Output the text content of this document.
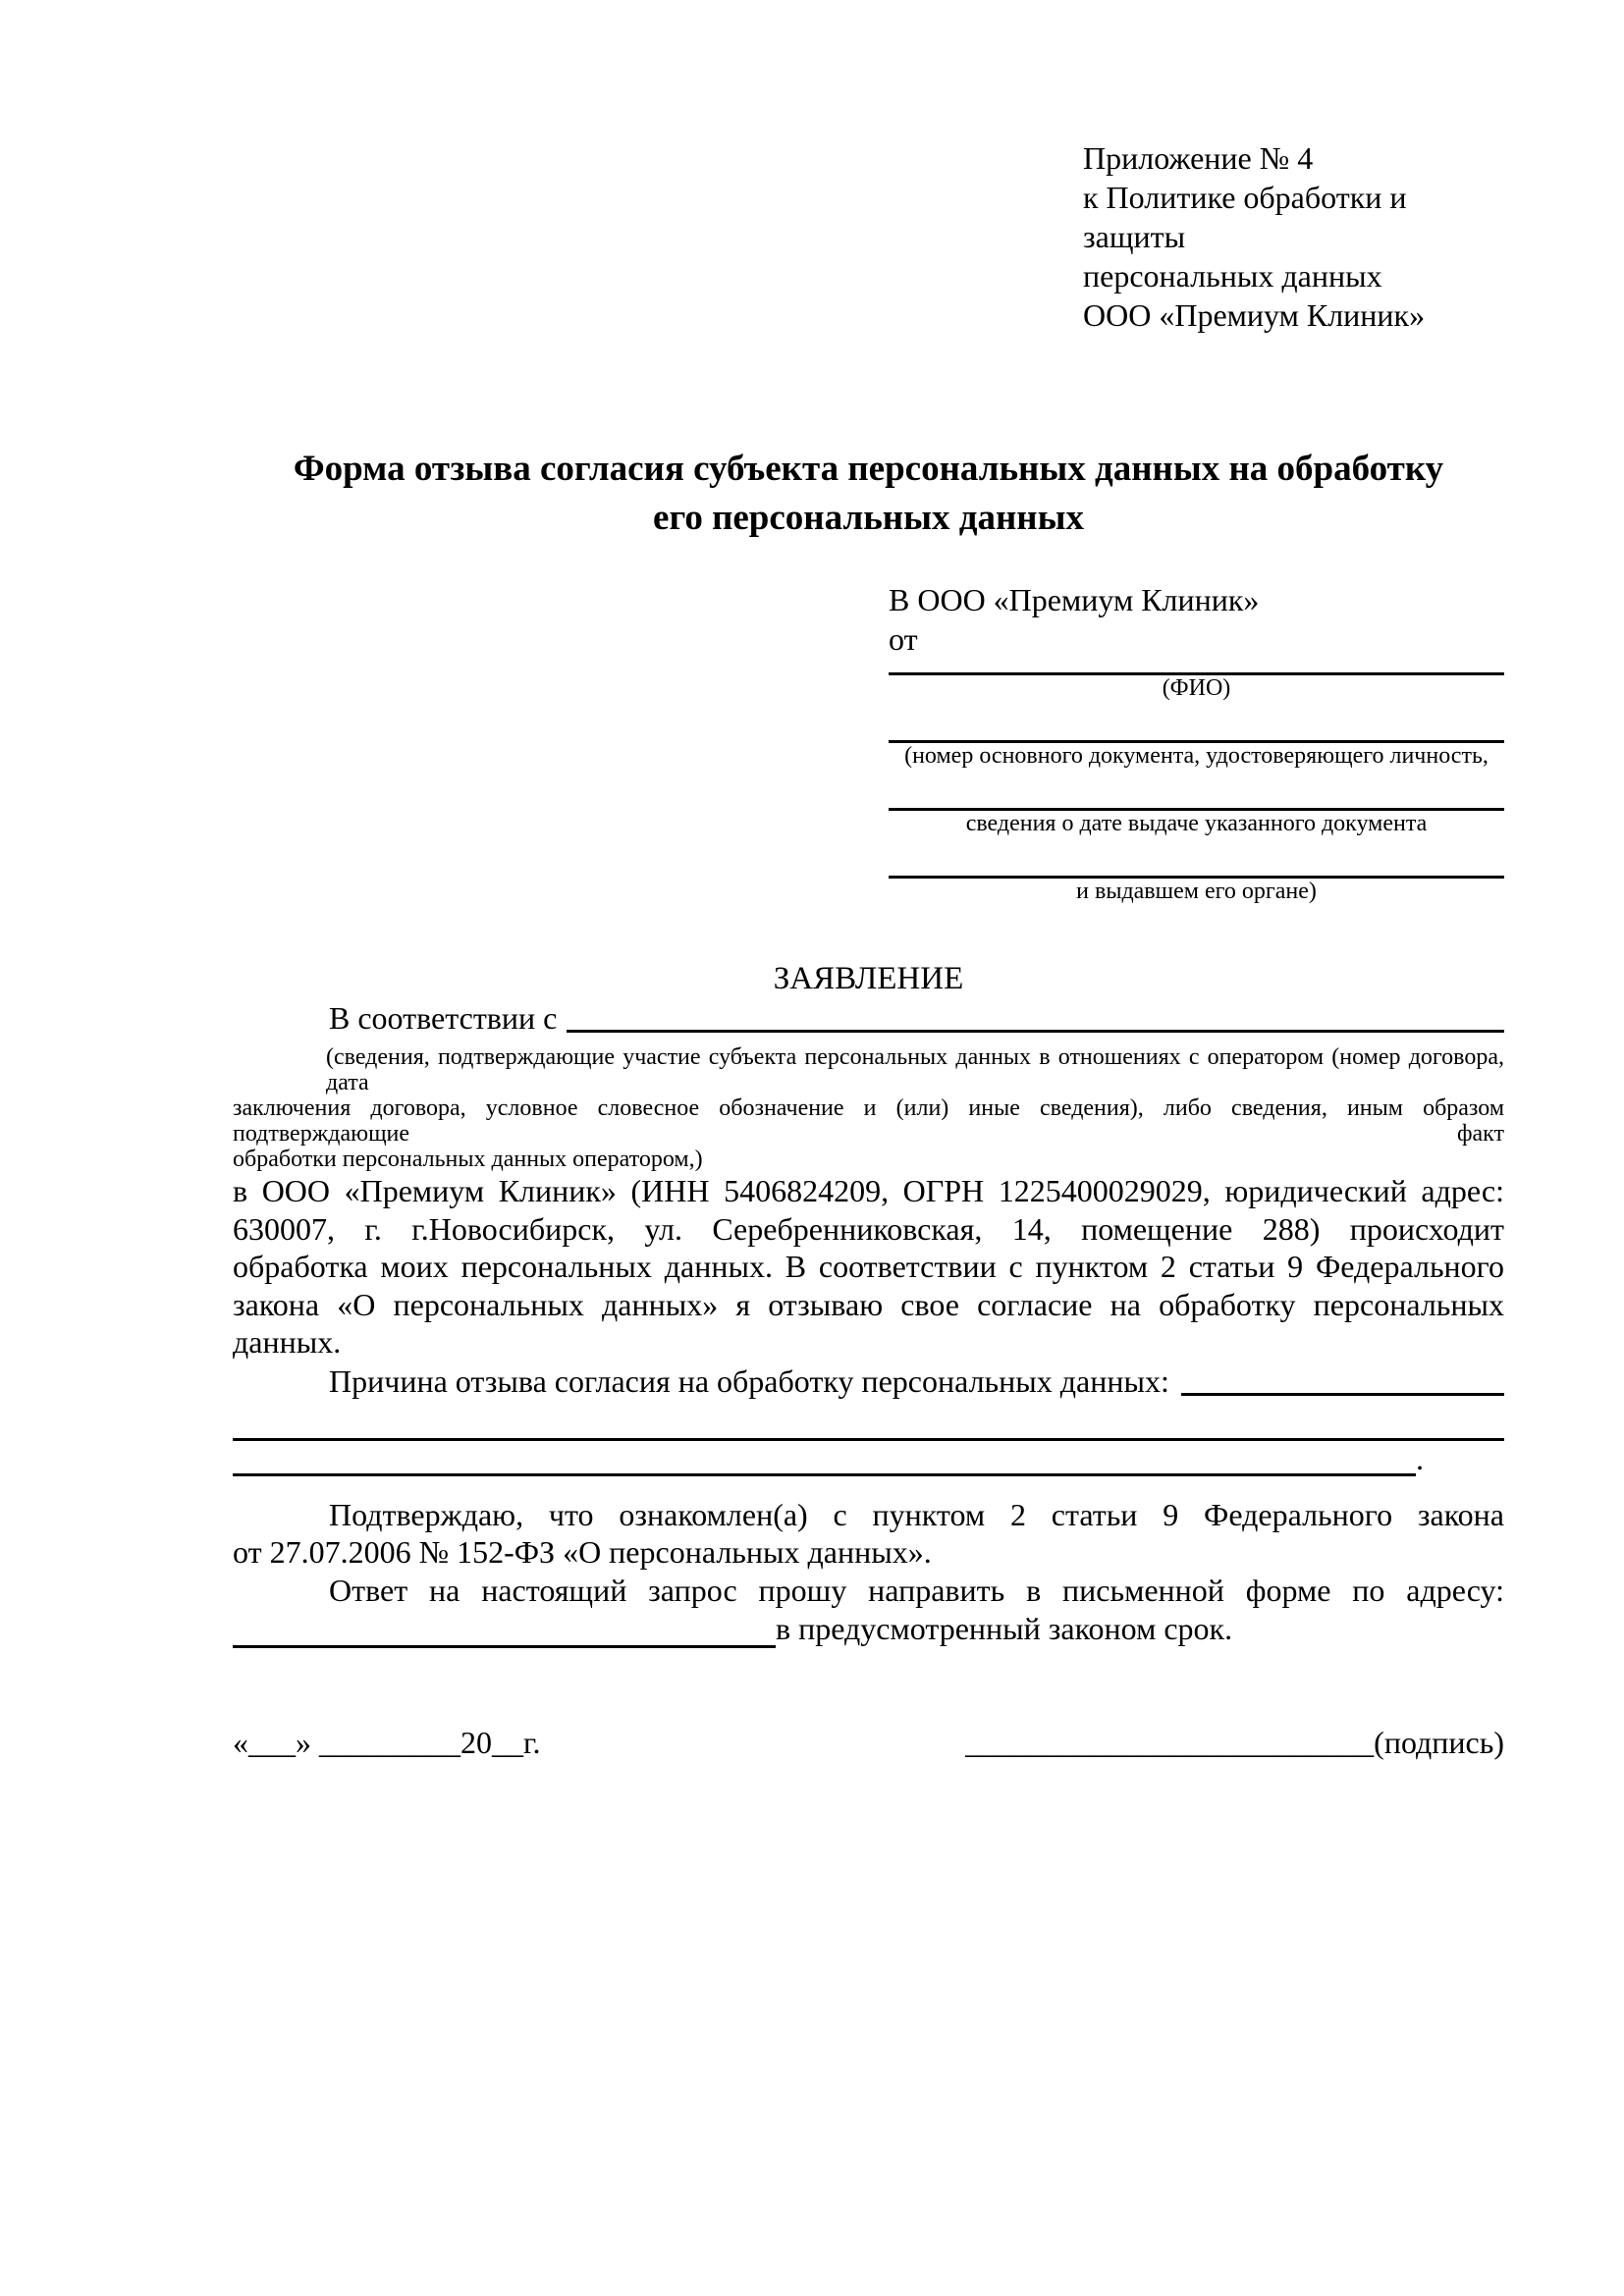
Приложение № 4
к Политике обработки и защиты
персональных данных
ООО «Премиум Клиник»
Форма отзыва согласия субъекта персональных данных на обработку
его персональных данных
В ООО «Премиум Клиник»
от
(ФИО)
(номер основного документа, удостоверяющего личность,
сведения о дате выдаче указанного документа
и выдавшем его органе)
ЗАЯВЛЕНИЕ
В соответствии с
(сведения, подтверждающие участие субъекта персональных данных в отношениях с оператором (номер договора, дата
заключения договора, условное словесное обозначение и (или) иные сведения), либо сведения, иным образом подтверждающие факт
обработки персональных данных оператором,)
в ООО «Премиум Клиник» (ИНН 5406824209, ОГРН 1225400029029, юридический адрес:
630007, г. г.Новосибирск, ул. Серебренниковская, 14, помещение 288) происходит
обработка моих персональных данных. В соответствии с пунктом 2 статьи 9 Федерального
закона «О персональных данных» я отзываю свое согласие на обработку персональных
данных.
Причина отзыва согласия на обработку персональных данных:
.
Подтверждаю, что ознакомлен(а) с пунктом 2 статьи 9 Федерального закона
от 27.07.2006 № 152-ФЗ «О персональных данных».
Ответ на настоящий запрос прошу направить в письменной форме по адресу:
в предусмотренный законом срок.
«___» _________20__г.	__________________________(подпись)
